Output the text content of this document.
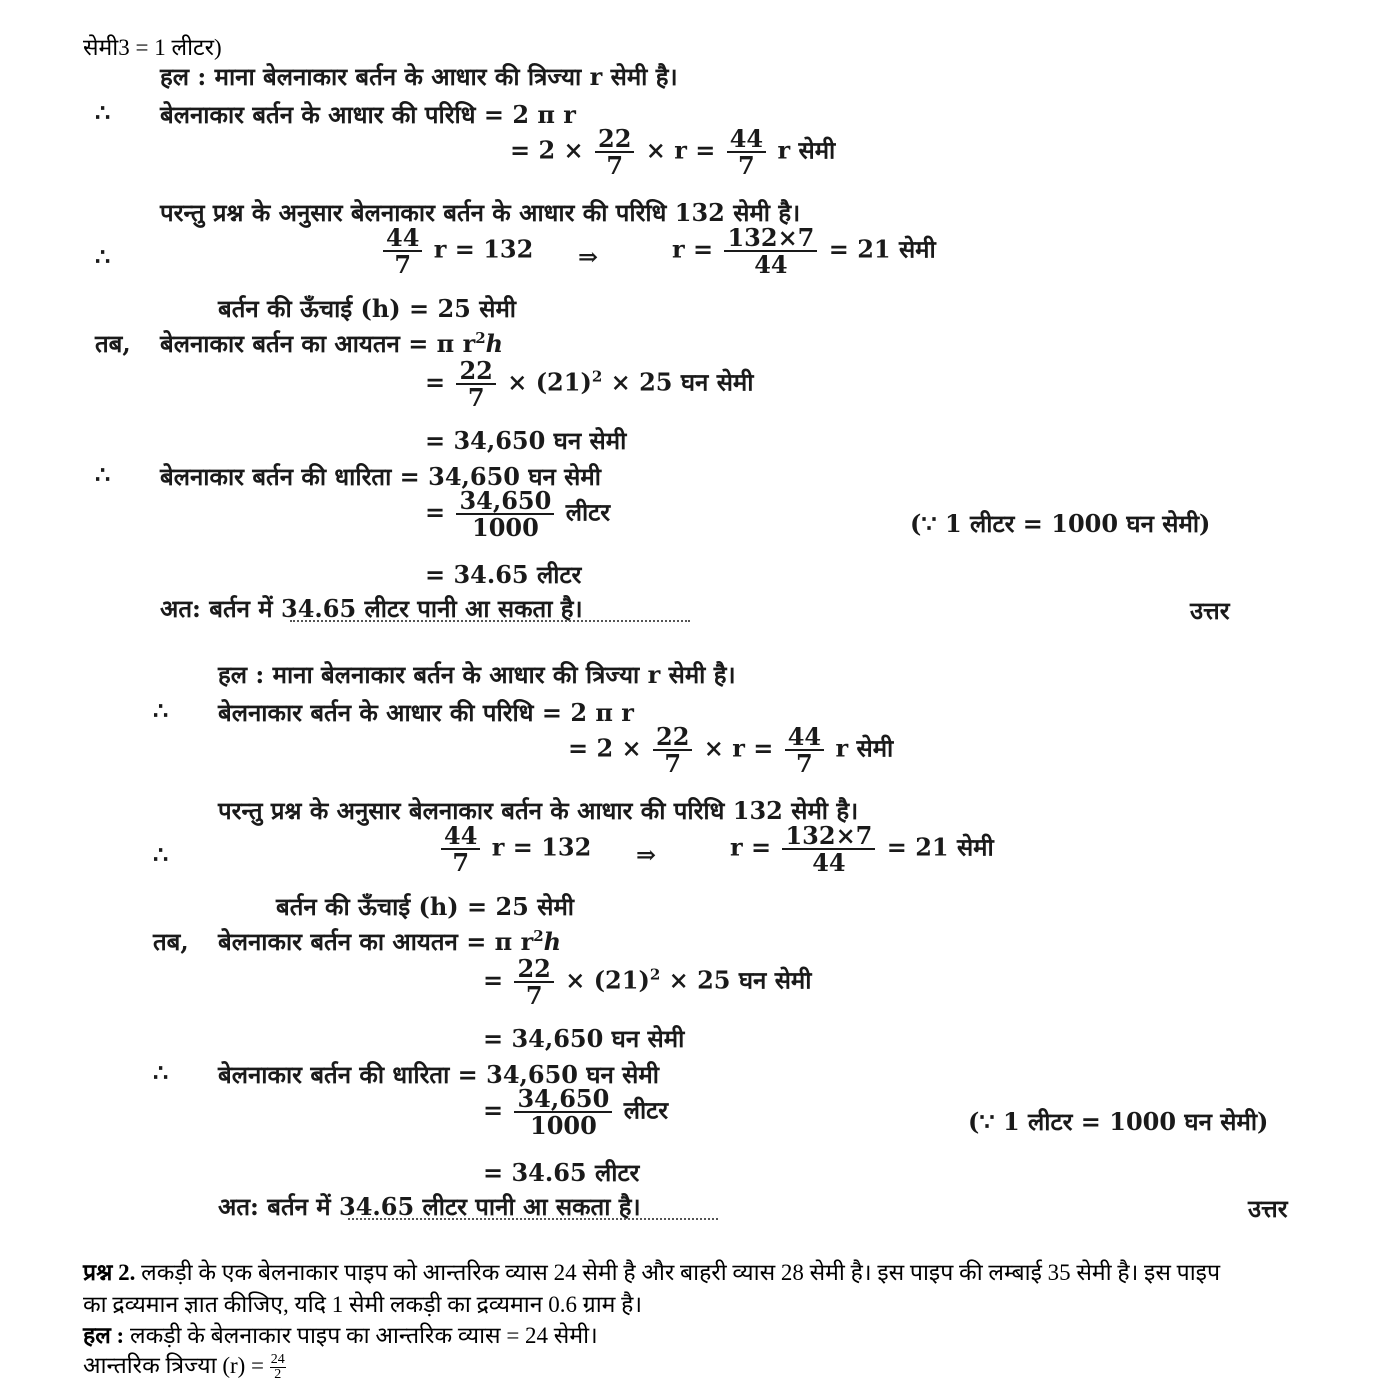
सेमी3 = 1 लीटर)
हल : माना बेलनाकार बर्तन के आधार की त्रिज्या r सेमी है।
∴ बेलनाकार बर्तन के आधार की परिधि = 2 π r
= $2 \times \frac{22}{7} \times r = \frac{44}{7}$ r सेमी
परन्तु प्रश्न के अनुसार बेलनाकार बर्तन के आधार की परिधि 132 सेमी है।
∴	$\frac{44}{7}$ r = 132 ⇒	$r = \frac{132\times 7}{44} = 21$ सेमी
बर्तन की ऊँचाई (h) = 25 सेमी
तब, बेलनाकार बर्तन का आयतन = π $r^2h$
= $\frac{22}{7} \times (21)^2 \times 25$ घन सेमी
= 34,650 घन सेमी
∴ बेलनाकार बर्तन की धारिता = 34,650 घन सेमी
= $\frac{34,650}{1000}$ लीटर	(∵ 1 लीटर = 1000 घन सेमी)
= 34.65 लीटर
अत: बर्तन में 34.65 लीटर पानी आ सकता है।	उत्तर
हल : माना बेलनाकार बर्तन के आधार की त्रिज्या r सेमी है।
∴ बेलनाकार बर्तन के आधार की परिधि = 2 π r
= $2 \times \frac{22}{7} \times r = \frac{44}{7}$ r सेमी
परन्तु प्रश्न के अनुसार बेलनाकार बर्तन के आधार की परिधि 132 सेमी है।
∴	$\frac{44}{7}$ r = 132 ⇒	$r = \frac{132\times 7}{44} = 21$ सेमी
बर्तन की ऊँचाई (h) = 25 सेमी
तब, बेलनाकार बर्तन का आयतन = π $r^2h$
= $\frac{22}{7} \times (21)^2 \times 25$ घन सेमी
= 34,650 घन सेमी
∴ बेलनाकार बर्तन की धारिता = 34,650 घन सेमी
= $\frac{34,650}{1000}$ लीटर	(∵ 1 लीटर = 1000 घन सेमी)
= 34.65 लीटर
अत: बर्तन में 34.65 लीटर पानी आ सकता है।	उत्तर
प्रश्न 2. लकड़ी के एक बेलनाकार पाइप को आन्तरिक व्यास 24 सेमी है और बाहरी व्यास 28 सेमी है। इस पाइप की लम्बाई 35 सेमी है। इस पाइप
का द्रव्यमान ज्ञात कीजिए, यदि 1 सेमी लकड़ी का द्रव्यमान 0.6 ग्राम है।
हल : लकड़ी के बेलनाकार पाइप का आन्तरिक व्यास = 24 सेमी।
आन्तरिक त्रिज्या $(r) = \frac{24}{2}$
